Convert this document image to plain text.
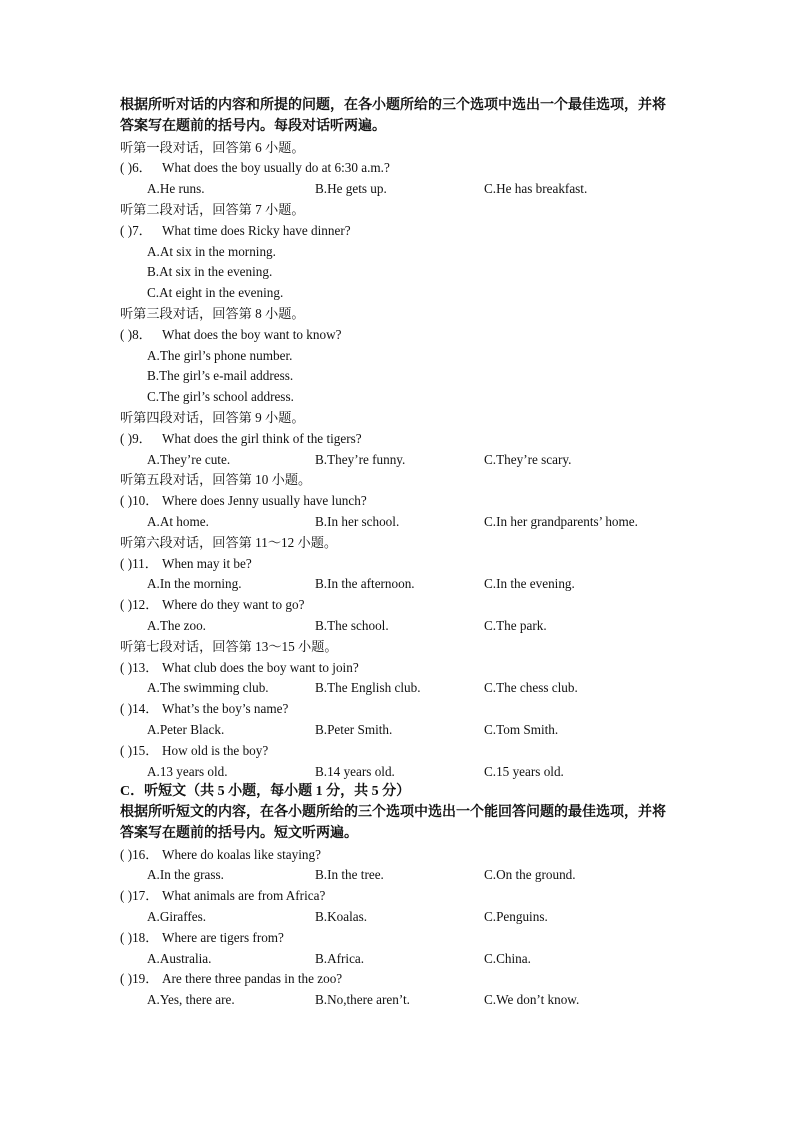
根据所听对话的内容和所提的问题，在各小题所给的三个选项中选出一个最佳选项，并将
答案写在题前的括号内。每段对话听两遍。
听第一段对话，回答第 6 小题。
( )6． What does the boy usually do at 6:30 a.m.?
A.He runs.	B.He gets up.	C.He has breakfast.
听第二段对话，回答第 7 小题。
( )7． What time does Ricky have dinner?
A.At six in the morning.
B.At six in the evening.
C.At eight in the evening.
听第三段对话，回答第 8 小题。
( )8． What does the boy want to know?
A.The girl’s phone number.
B.The girl’s e-mail address.
C.The girl’s school address.
听第四段对话，回答第 9 小题。
( )9． What does the girl think of the tigers?
A.They’re cute.	B.They’re funny.	C.They’re scary.
听第五段对话，回答第 10 小题。
( )10． Where does Jenny usually have lunch?
A.At home.	B.In her school.	C.In her grandparents’ home.
听第六段对话，回答第 11～12 小题。
( )11． When may it be?
A.In the morning.	B.In the afternoon.	C.In the evening.
( )12． Where do they want to go?
A.The zoo.	B.The school.	C.The park.
听第七段对话，回答第 13～15 小题。
( )13． What club does the boy want to join?
A.The swimming club.	B.The English club.	C.The chess club.
( )14． What’s the boy’s name?
A.Peter Black.	B.Peter Smith.	C.Tom Smith.
( )15． How old is the boy?
A.13 years old.	B.14 years old.	C.15 years old.
C．听短文（共 5 小题，每小题 1 分，共 5 分）
根据所听短文的内容，在各小题所给的三个选项中选出一个能回答问题的最佳选项，并将
答案写在题前的括号内。短文听两遍。
( )16． Where do koalas like staying?
A.In the grass.	B.In the tree.	C.On the ground.
( )17． What animals are from Africa?
A.Giraffes.	B.Koalas.	C.Penguins.
( )18． Where are tigers from?
A.Australia.	B.Africa.	C.China.
( )19． Are there three pandas in the zoo?
A.Yes, there are.	B.No,there aren’t.	C.We don’t know.
